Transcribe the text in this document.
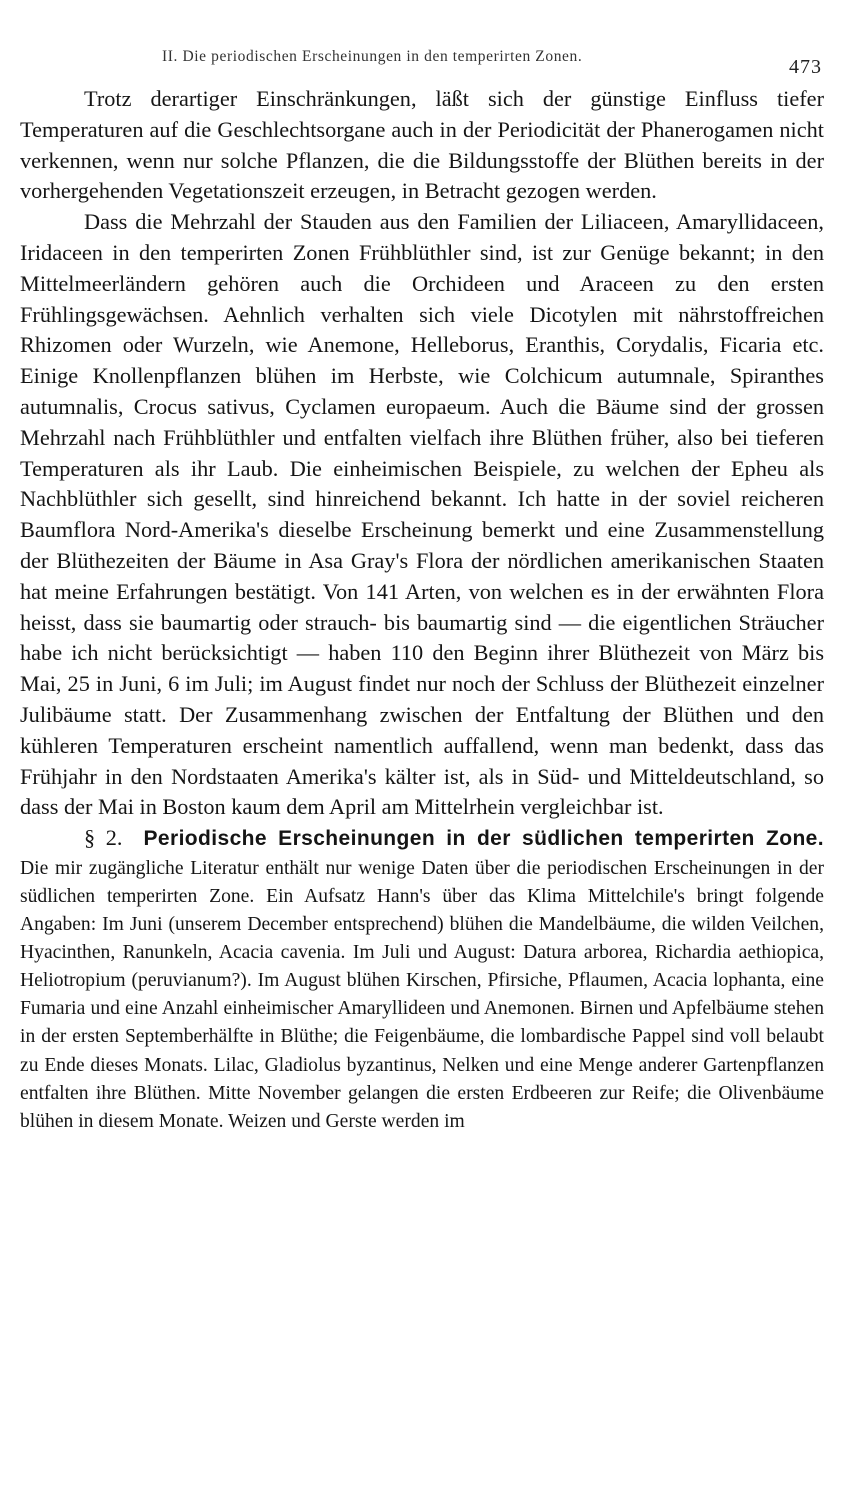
II. Die periodischen Erscheinungen in den temperirten Zonen.	473

Trotz derartiger Einschränkungen, läßt sich der günstige Einfluss tiefer Temperaturen auf die Geschlechtsorgane auch in der Periodicität der Phanerogamen nicht verkennen, wenn nur solche Pflanzen, die die Bildungsstoffe der Blüthen bereits in der vorhergehenden Vegetationszeit erzeugen, in Betracht gezogen werden.

Dass die Mehrzahl der Stauden aus den Familien der Liliaceen, Amaryllidaceen, Iridaceen in den temperirten Zonen Frühblüthler sind, ist zur Genüge bekannt; in den Mittelmeerländern gehören auch die Orchideen und Araceen zu den ersten Frühlingsgewächsen. Aehnlich verhalten sich viele Dicotylen mit nährstoffreichen Rhizomen oder Wurzeln, wie Anemone, Helleborus, Eranthis, Corydalis, Ficaria etc. Einige Knollenpflanzen blühen im Herbste, wie Colchicum autumnale, Spiranthes autumnalis, Crocus sativus, Cyclamen europaeum. Auch die Bäume sind der grossen Mehrzahl nach Frühblüthler und entfalten vielfach ihre Blüthen früher, also bei tieferen Temperaturen als ihr Laub. Die einheimischen Beispiele, zu welchen der Epheu als Nachblüthler sich gesellt, sind hinreichend bekannt. Ich hatte in der soviel reicheren Baumflora Nord-Amerika's dieselbe Erscheinung bemerkt und eine Zusammenstellung der Blüthezeiten der Bäume in Asa Gray's Flora der nördlichen amerikanischen Staaten hat meine Erfahrungen bestätigt. Von 141 Arten, von welchen es in der erwähnten Flora heisst, dass sie baumartig oder strauch- bis baumartig sind — die eigentlichen Sträucher habe ich nicht berücksichtigt — haben 110 den Beginn ihrer Blüthezeit von März bis Mai, 25 in Juni, 6 im Juli; im August findet nur noch der Schluss der Blüthezeit einzelner Julibäume statt. Der Zusammenhang zwischen der Entfaltung der Blüthen und den kühleren Temperaturen erscheint namentlich auffallend, wenn man bedenkt, dass das Frühjahr in den Nordstaaten Amerika's kälter ist, als in Süd- und Mitteldeutschland, so dass der Mai in Boston kaum dem April am Mittelrhein vergleichbar ist.

§ 2. Periodische Erscheinungen in der südlichen temperirten Zone. Die mir zugängliche Literatur enthält nur wenige Daten über die periodischen Erscheinungen in der südlichen temperirten Zone. Ein Aufsatz Hann's über das Klima Mittelchile's bringt folgende Angaben: Im Juni (unserem December entsprechend) blühen die Mandelbäume, die wilden Veilchen, Hyacinthen, Ranunkeln, Acacia cavenia. Im Juli und August: Datura arborea, Richardia aethiopica, Heliotropium (peruvianum?). Im August blühen Kirschen, Pfirsiche, Pflaumen, Acacia lophanta, eine Fumaria und eine Anzahl einheimischer Amaryllideen und Anemonen. Birnen und Apfelbäume stehen in der ersten Septemberhälfte in Blüthe; die Feigenbäume, die lombardische Pappel sind voll belaubt zu Ende dieses Monats. Lilac, Gladiolus byzantinus, Nelken und eine Menge anderer Gartenpflanzen entfalten ihre Blüthen. Mitte November gelangen die ersten Erdbeeren zur Reife; die Olivenbäume blühen in diesem Monate. Weizen und Gerste werden im
